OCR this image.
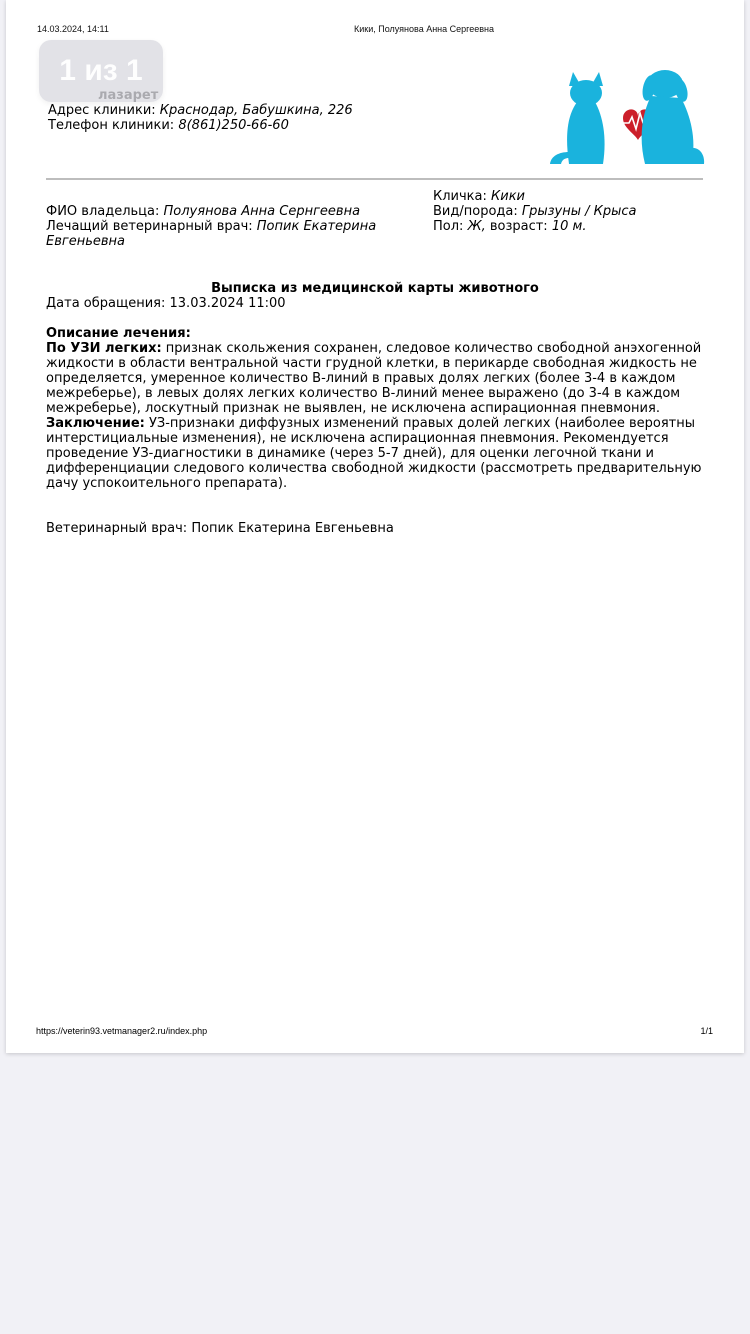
14.03.2024, 14:11	Кики, Полуянова Анна Сергеевна
1 из 1
Адрес клиники: Краснодар, Бабушкина, 226
Телефон клиники: 8(861)250-66-60
Кличка: Кики
Вид/порода: Грызуны / Крыса
Пол: Ж, возраст: 10 м.
ФИО владельца: Полуянова Анна Сернгеевна
Лечащий ветеринарный врач: Попик Екатерина Евгеньевна
Выписка из медицинской карты животного
Дата обращения: 13.03.2024 11:00
Описание лечения:
По УЗИ легких: признак скольжения сохранен, следовое количество свободной анэхогенной жидкости в области вентральной части грудной клетки, в перикарде свободная жидкость не определяется, умеренное количество В-линий в правых долях легких (более 3-4 в каждом межреберье), в левых долях легких количество В-линий менее выражено (до 3-4 в каждом межреберье), лоскутный признак не выявлен, не исключена аспирационная пневмония.
Заключение: УЗ-признаки диффузных изменений правых долей легких (наиболее вероятны интерстициальные изменения), не исключена аспирационная пневмония. Рекомендуется проведение УЗ-диагностики в динамике (через 5-7 дней), для оценки легочной ткани и дифференциации следового количества свободной жидкости (рассмотреть предварительную дачу успокоительного препарата).
Ветеринарный врач: Попик Екатерина Евгеньевна
https://veterin93.vetmanager2.ru/index.php	1/1
